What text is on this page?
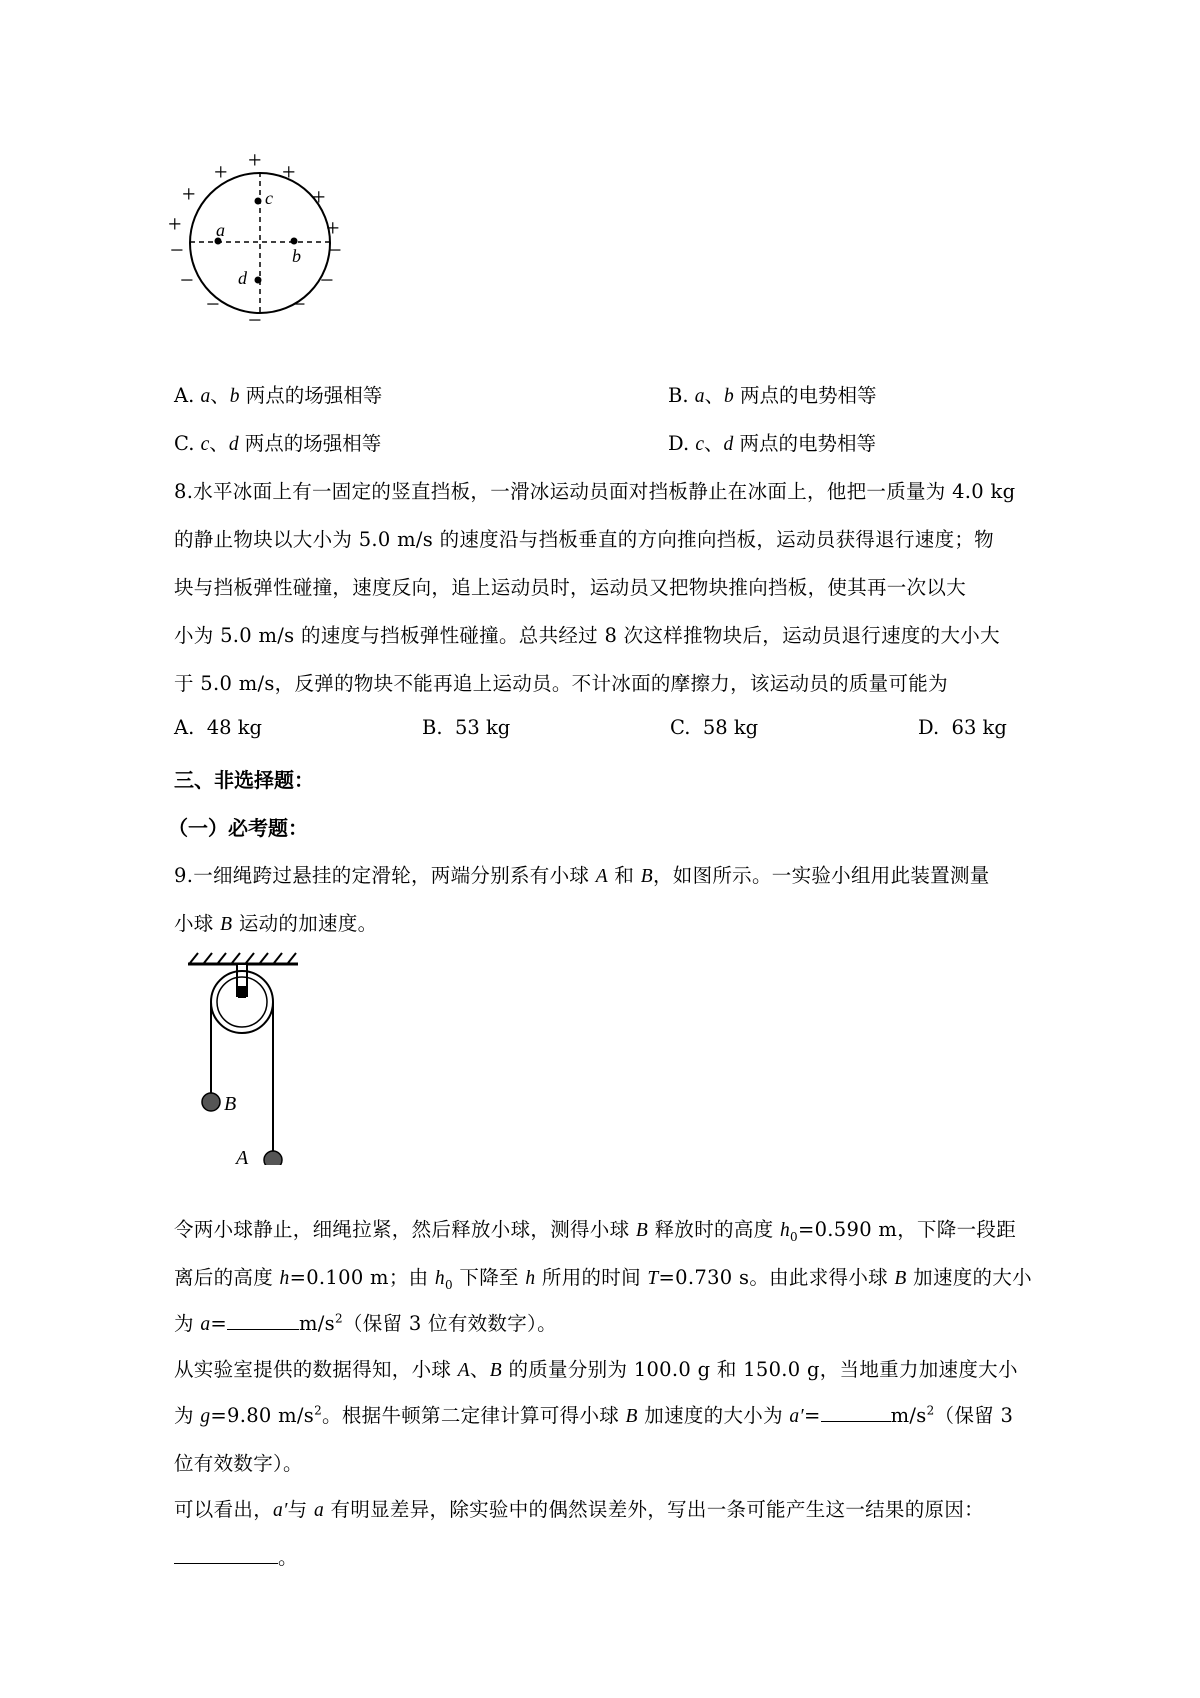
c
a
b
d
+
+ +
+	+
+	+
−	−
−	−
−	−
−
A. a、b 两点的场强相等	B. a、b 两点的电势相等
C. c、d 两点的场强相等	D. c、d 两点的电势相等
8.水平冰面上有一固定的竖直挡板，一滑冰运动员面对挡板静止在冰面上，他把一质量为 4.0 kg
的静止物块以大小为 5.0 m/s 的速度沿与挡板垂直的方向推向挡板，运动员获得退行速度；物
块与挡板弹性碰撞，速度反向，追上运动员时，运动员又把物块推向挡板，使其再一次以大
小为 5.0 m/s 的速度与挡板弹性碰撞。总共经过 8 次这样推物块后，运动员退行速度的大小大
于 5.0 m/s，反弹的物块不能再追上运动员。不计冰面的摩擦力，该运动员的质量可能为
A. 48 kg	B. 53 kg	C. 58 kg	D. 63 kg
三、非选择题：
（一）必考题：
9.一细绳跨过悬挂的定滑轮，两端分别系有小球 A 和 B，如图所示。一实验小组用此装置测量
小球 B 运动的加速度。
B
A
令两小球静止，细绳拉紧，然后释放小球，测得小球 B 释放时的高度 $h_0=0.590$ m，下降一段距
离后的高度 h=0.100 m；由 $h_0$ 下降至 h 所用的时间 T=0.730 s。由此求得小球 B 加速度的大小
为 a=	$m/s^2$（保留 3 位有效数字）。
从实验室提供的数据得知，小球 A、B 的质量分别为 100.0 g 和 150.0 g，当地重力加速度大小
为 g=9.80 $m/s^2$。根据牛顿第二定律计算可得小球 B 加速度的大小为 a′=	$m/s^2$（保留 3
位有效数字）。
可以看出，a′与 a 有明显差异，除实验中的偶然误差外，写出一条可能产生这一结果的原因：
。
